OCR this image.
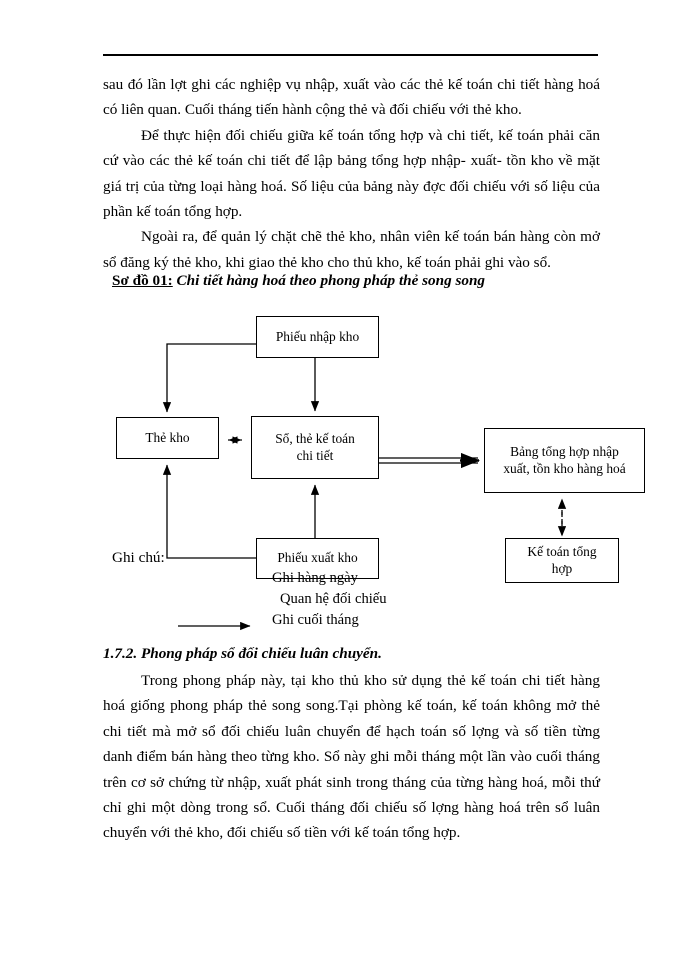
sau đó lần lợt ghi các nghiệp vụ nhập, xuất vào các thẻ kế toán chi tiết hàng hoá có liên quan. Cuối tháng tiến hành cộng thẻ và đối chiếu với thẻ kho.

Để thực hiện đối chiếu giữa kế toán tổng hợp và chi tiết, kế toán phải căn cứ vào các thẻ kế toán chi tiết để lập bảng tổng hợp nhập- xuất- tồn kho về mặt giá trị của từng loại hàng hoá. Số liệu của bảng này đợc đối chiếu với số liệu của phần kế toán tổng hợp.

Ngoài ra, để quản lý chặt chẽ thẻ kho, nhân viên kế toán bán hàng còn mở sổ đăng ký thẻ kho, khi giao thẻ kho cho thủ kho, kế toán phải ghi vào sổ.

Sơ đồ 01: Chi tiết hàng hoá theo phong pháp thẻ song song
Phiếu nhập kho
Thẻ kho	Sổ, thẻ kế toán
chi tiết	Bảng tổng hợp nhập
xuất, tồn kho hàng hoá
Kế toán tổng
hợp
Phiếu xuất kho
Ghi chú:
Ghi hàng ngày
Quan hệ đối chiếu
Ghi cuối tháng
1.7.2. Phong pháp sổ đối chiếu luân chuyển.

Trong phong pháp này, tại kho thủ kho sử dụng thẻ kế toán chi tiết hàng hoá giống phong pháp thẻ song song.Tại phòng kế toán, kế toán không mở thẻ chi tiết mà mở sổ đối chiếu luân chuyển để hạch toán số lợng và số tiền từng danh điểm bán hàng theo từng kho. Sổ này ghi mỗi tháng một lần vào cuối tháng trên cơ sở chứng từ nhập, xuất phát sinh trong tháng của từng hàng hoá, mỗi thứ chỉ ghi một dòng trong sổ. Cuối tháng đối chiếu số lợng hàng hoá trên sổ luân chuyển với thẻ kho, đối chiếu số tiền với kế toán tổng hợp.
